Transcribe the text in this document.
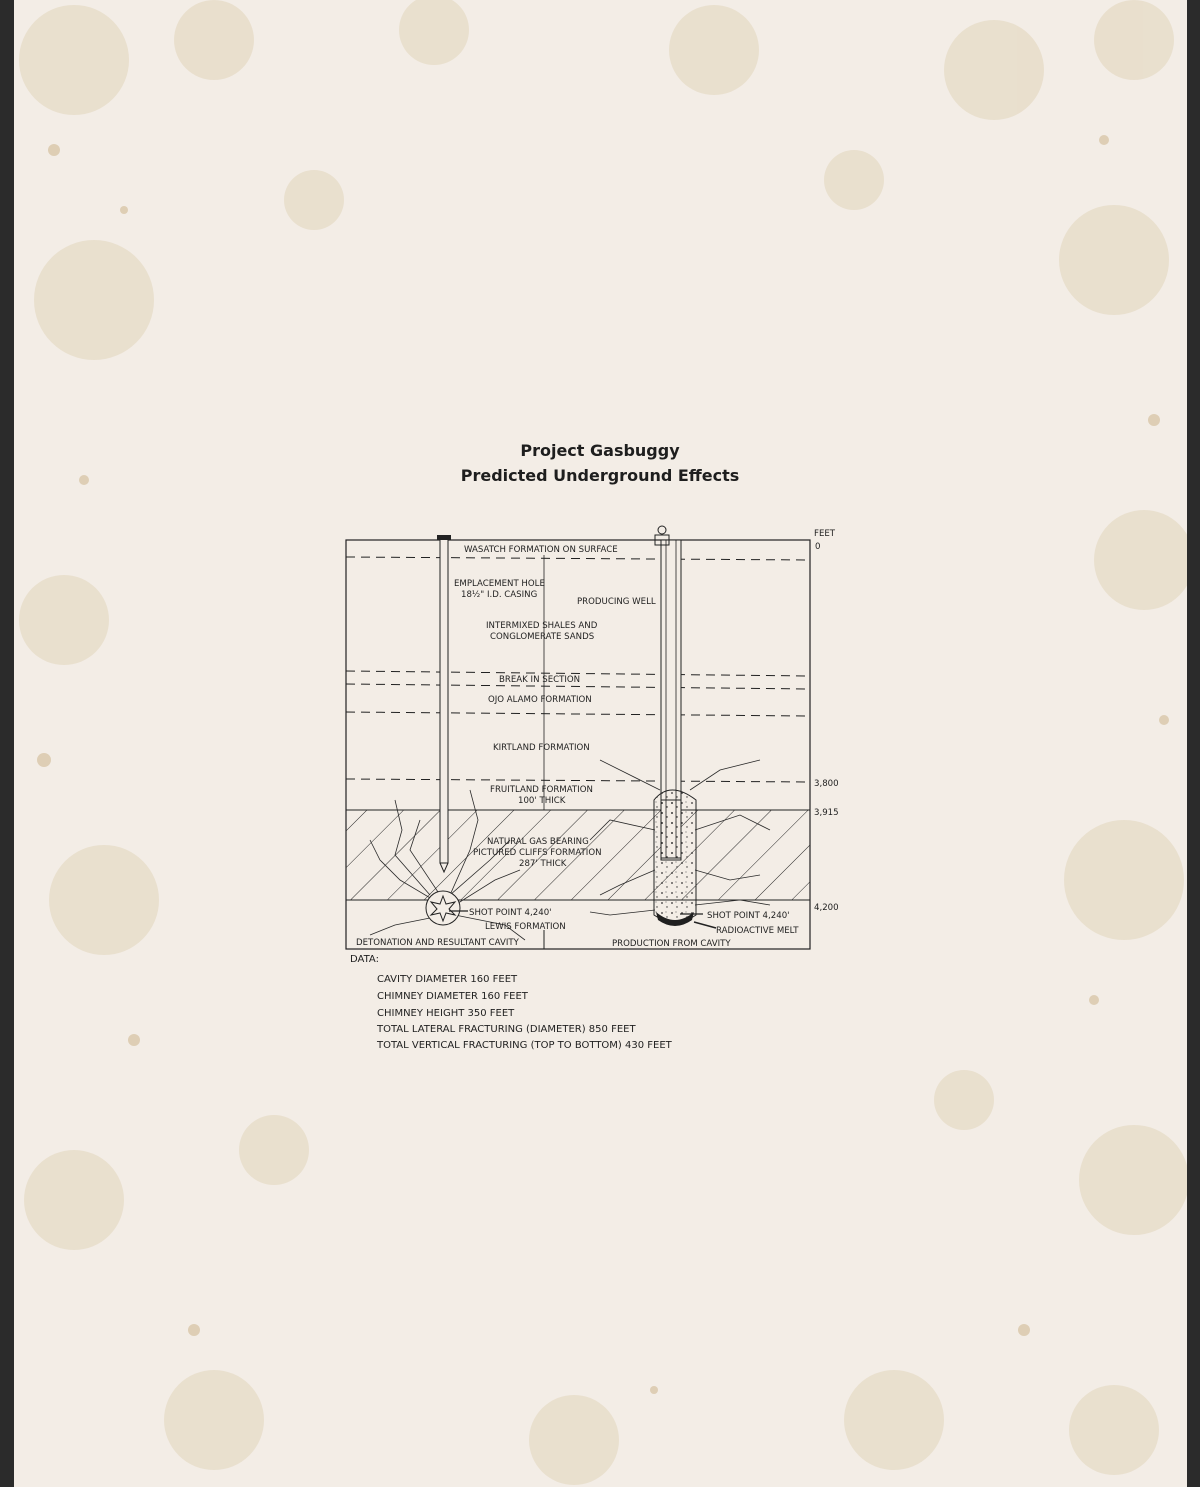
Project Gasbuggy
Predicted Underground Effects
WASATCH FORMATION ON SURFACE
EMPLACEMENT HOLE
18½" I.D. CASING
PRODUCING WELL
INTERMIXED SHALES AND
CONGLOMERATE SANDS
BREAK IN SECTION
OJO ALAMO FORMATION
KIRTLAND FORMATION
FRUITLAND FORMATION
100' THICK
NATURAL GAS BEARING
PICTURED CLIFFS FORMATION
287' THICK
SHOT POINT 4,240'
LEWIS FORMATION
SHOT POINT 4,240'
RADIOACTIVE MELT
DETONATION AND RESULTANT CAVITY	PRODUCTION FROM CAVITY
FEET
0
3,800
3,915
4,200
DATA:
CAVITY DIAMETER 160 FEET
CHIMNEY DIAMETER 160 FEET
CHIMNEY HEIGHT 350 FEET
TOTAL LATERAL FRACTURING (DIAMETER) 850 FEET
TOTAL VERTICAL FRACTURING (TOP TO BOTTOM) 430 FEET
